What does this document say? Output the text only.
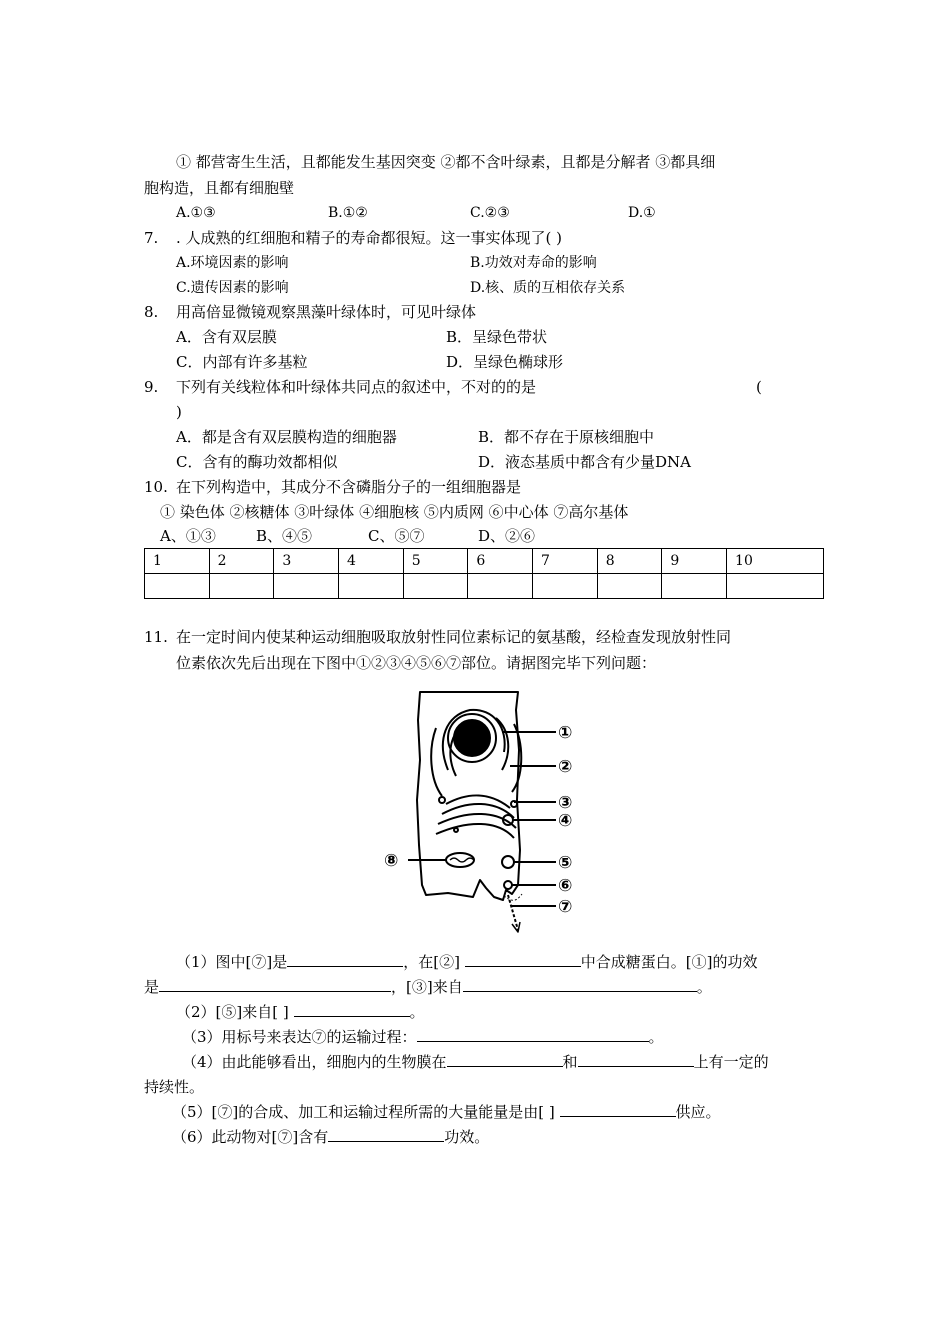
① 都营寄生生活，且都能发生基因突变 ②都不含叶绿素，且都是分解者 ③都具细
胞构造，且都有细胞壁
A.①③	B.①②	C.②③	D.①
7. . 人成熟的红细胞和精子的寿命都很短。这一事实体现了( )
A.环境因素的影响	B.功效对寿命的影响
C.遗传因素的影响	D.核、质的互相依存关系
8. 用高倍显微镜观察黑藻叶绿体时，可见叶绿体
A．含有双层膜	B．呈绿色带状
C．内部有许多基粒	D．呈绿色椭球形
9. 下列有关线粒体和叶绿体共同点的叙述中，不对的的是	(
)
A．都是含有双层膜构造的细胞器	B．都不存在于原核细胞中
C．含有的酶功效都相似	D．液态基质中都含有少量DNA
10. 在下列构造中，其成分不含磷脂分子的一组细胞器是
① 染色体 ②核糖体 ③叶绿体 ④细胞核 ⑤内质网 ⑥中心体 ⑦高尔基体
A、①③	B、④⑤	C、⑤⑦	D、②⑥
1	2	3	4	5	6	7	8	9	10

11. 在一定时间内使某种运动细胞吸取放射性同位素标记的氨基酸，经检查发现放射性同
位素依次先后出现在下图中①②③④⑤⑥⑦部位。请据图完毕下列问题：
①
②
③
④
⑤
⑥
⑦
⑧
（1）图中[⑦]是	，在[②]	中合成糖蛋白。[①]的功效
是	，[③]来自	。
（2）[⑤]来自[ ]	。
（3）用标号来表达⑦的运输过程：	。
（4）由此能够看出，细胞内的生物膜在	和	上有一定的
持续性。
（5）[⑦]的合成、加工和运输过程所需的大量能量是由[ ]	供应。
（6）此动物对[⑦]含有	功效。
